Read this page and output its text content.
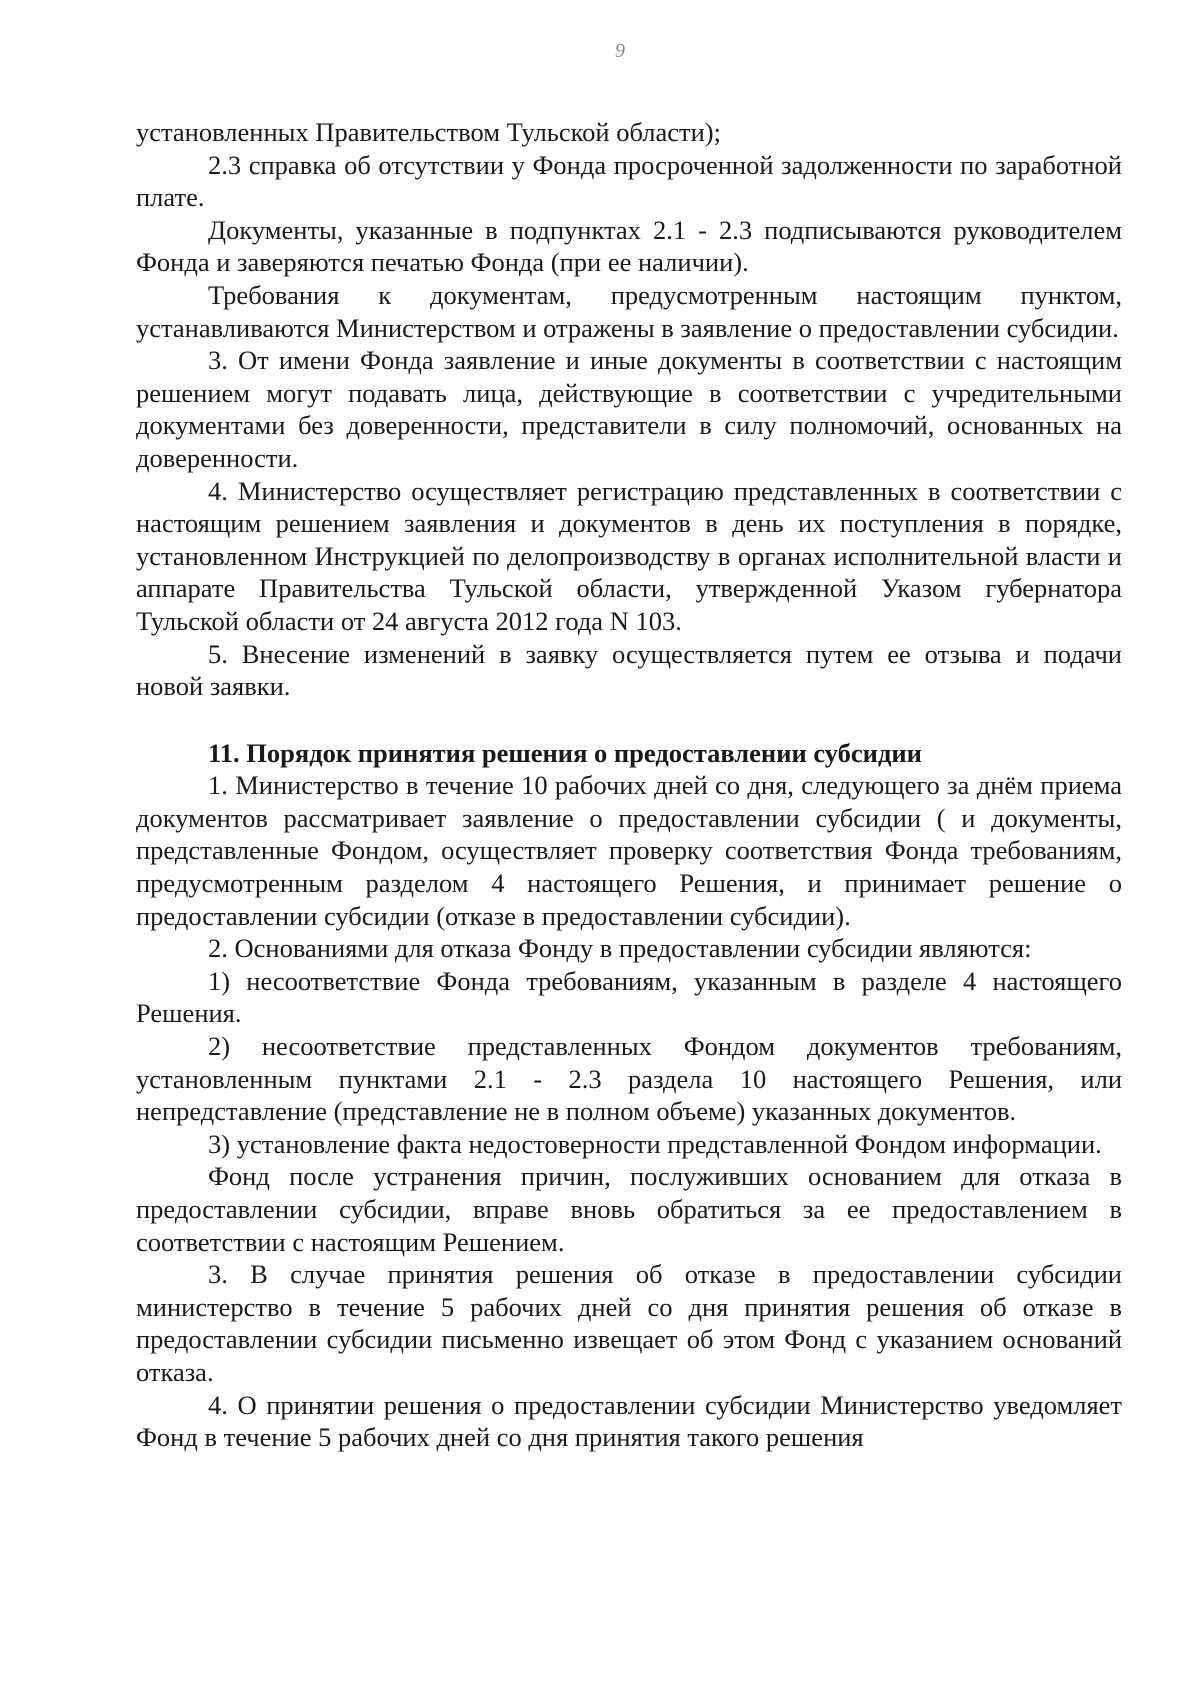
9

установленных Правительством Тульской области);

2.3 справка об отсутствии у Фонда просроченной задолженности по заработной плате.

Документы, указанные в подпунктах 2.1 - 2.3 подписываются руководителем Фонда и заверяются печатью Фонда (при ее наличии).

Требования к документам, предусмотренным настоящим пунктом, устанавливаются Министерством и отражены в заявление о предоставлении субсидии.

3. От имени Фонда заявление и иные документы в соответствии с настоящим решением могут подавать лица, действующие в соответствии с учредительными документами без доверенности, представители в силу полномочий, основанных на доверенности.

4. Министерство осуществляет регистрацию представленных в соответствии с настоящим решением заявления и документов в день их поступления в порядке, установленном Инструкцией по делопроизводству в органах исполнительной власти и аппарате Правительства Тульской области, утвержденной Указом губернатора Тульской области от 24 августа 2012 года N 103.

5. Внесение изменений в заявку осуществляется путем ее отзыва и подачи новой заявки.

11. Порядок принятия решения о предоставлении субсидии

1. Министерство в течение 10 рабочих дней со дня, следующего за днём приема документов рассматривает заявление о предоставлении субсидии ( и документы, представленные Фондом, осуществляет проверку соответствия Фонда требованиям, предусмотренным разделом 4 настоящего Решения, и принимает решение о предоставлении субсидии (отказе в предоставлении субсидии).

2. Основаниями для отказа Фонду в предоставлении субсидии являются:

1) несоответствие Фонда требованиям, указанным в разделе 4 настоящего Решения.

2) несоответствие представленных Фондом документов требованиям, установленным пунктами 2.1 - 2.3 раздела 10 настоящего Решения, или непредставление (представление не в полном объеме) указанных документов.

3) установление факта недостоверности представленной Фондом информации.

Фонд после устранения причин, послуживших основанием для отказа в предоставлении субсидии, вправе вновь обратиться за ее предоставлением в соответствии с настоящим Решением.

3. В случае принятия решения об отказе в предоставлении субсидии министерство в течение 5 рабочих дней со дня принятия решения об отказе в предоставлении субсидии письменно извещает об этом Фонд с указанием оснований отказа.

4. О принятии решения о предоставлении субсидии Министерство уведомляет Фонд в течение 5 рабочих дней со дня принятия такого решения
